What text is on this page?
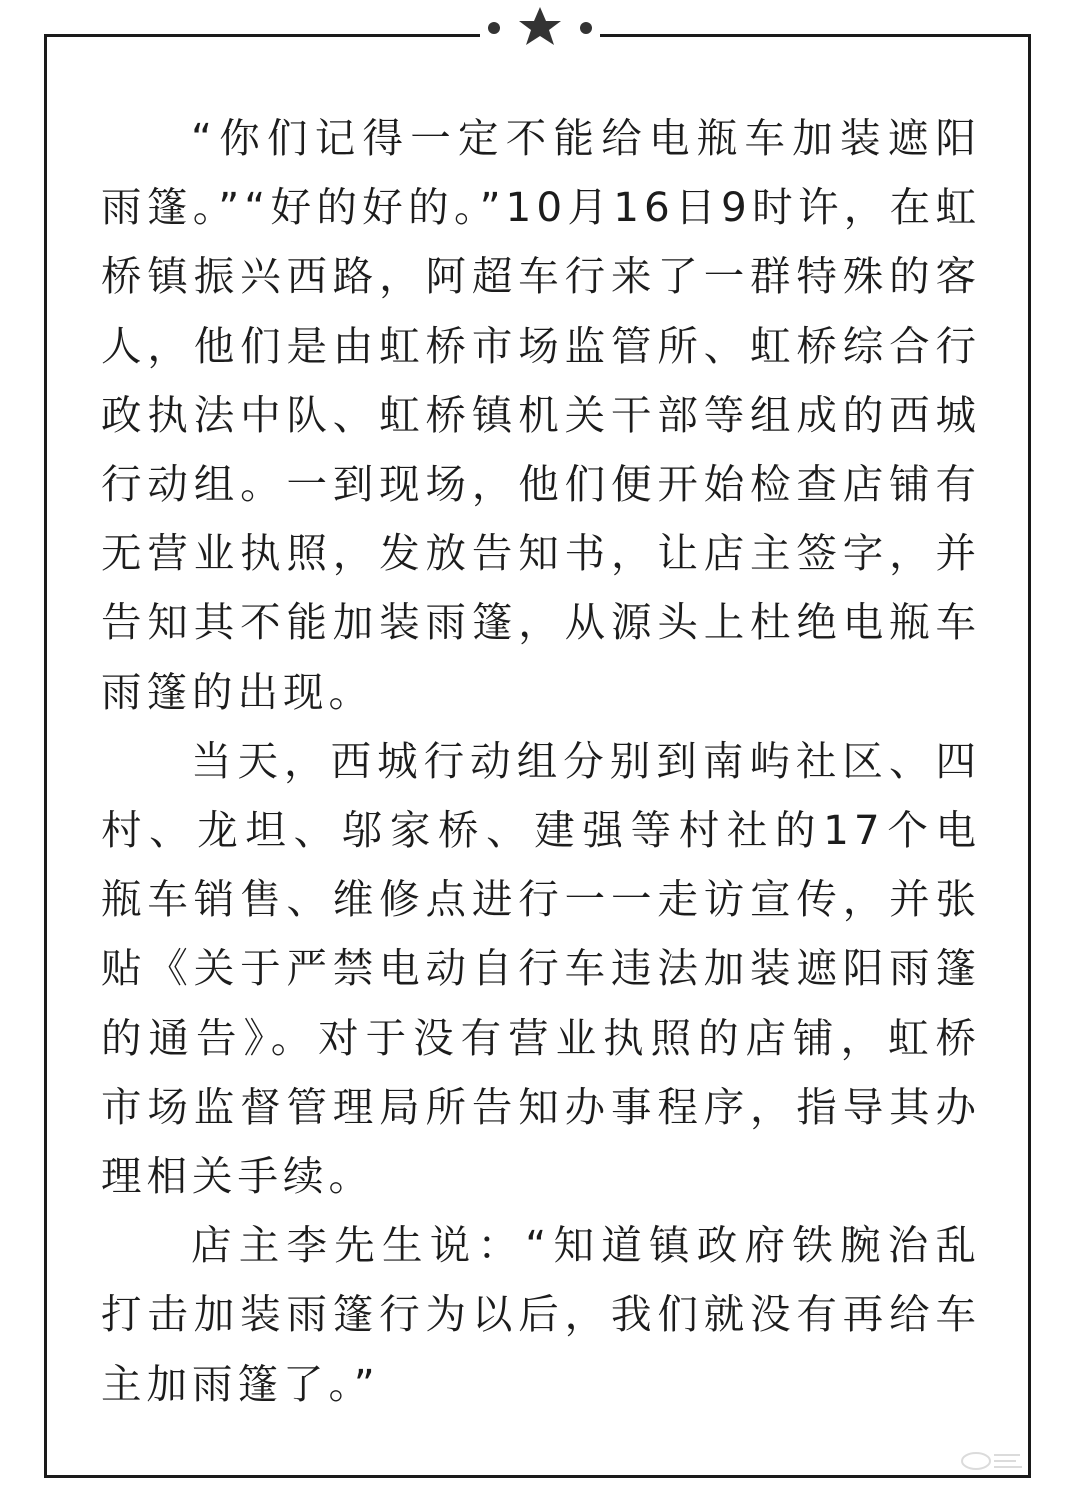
“你们记得一定不能给电瓶车加装遮阳雨篷。”“好的好的。”10月16日9时许，在虹桥镇振兴西路，阿超车行来了一群特殊的客人，他们是由虹桥市场监管所、虹桥综合行政执法中队、虹桥镇机关干部等组成的西城行动组。一到现场，他们便开始检查店铺有无营业执照，发放告知书，让店主签字，并告知其不能加装雨篷，从源头上杜绝电瓶车雨篷的出现。

当天，西城行动组分别到南屿社区、四村、龙坦、邬家桥、建强等村社的17个电瓶车销售、维修点进行一一走访宣传，并张贴《关于严禁电动自行车违法加装遮阳雨篷的通告》。对于没有营业执照的店铺，虹桥市场监督管理局所告知办事程序，指导其办理相关手续。

店主李先生说：“知道镇政府铁腕治乱打击加装雨篷行为以后，我们就没有再给车主加雨篷了。”
